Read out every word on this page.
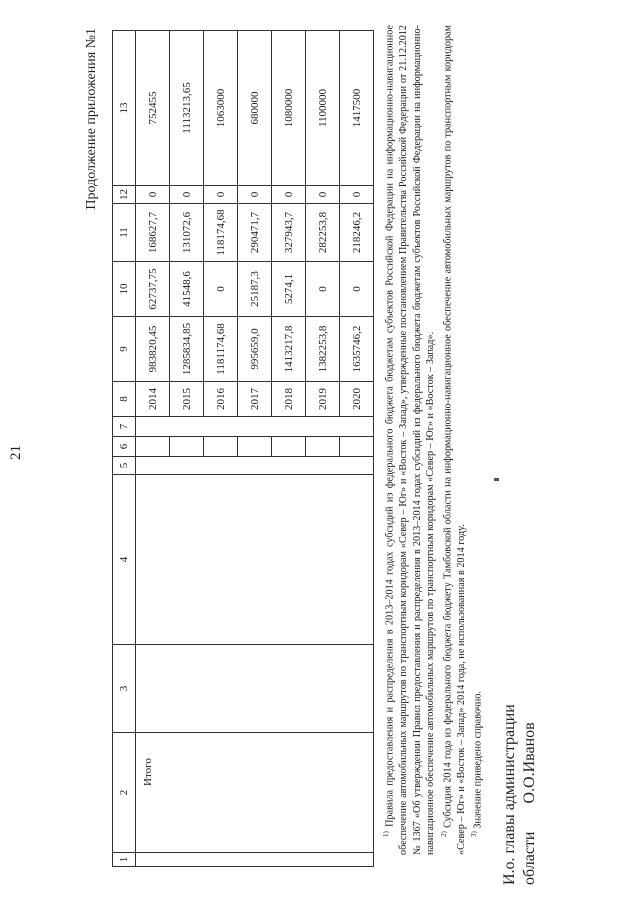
21
Продолжение приложения №1
1	2	3	4	5	6	7	8	9	10	11	12	13
	Итого						2014	983820,45	62737,75	168627,7	0	752455
							2015	1285834,85	41548,6	131072,6	0	1113213,65
							2016	1181174,68	0	118174,68	0	1063000
							2017	995659,0	25187,3	290471,7	0	680000
							2018	1413217,8	5274,1	327943,7	0	1080000
							2019	1382253,8	0	282253,8	0	1100000
							2020	1635746,2	0	218246,2	0	1417500

$^{1)}$ Правила предоставления и распределения в 2013–2014 годах субсидий из федерального бюджета бюджетам субъектов Российской Федерации на информационно-навигационное обеспечение автомобильных маршрутов по транспортным коридорам «Север – Юг» и «Восток – Запад», утвержденные постановлением Правительства Российской Федерации от 21.12.2012 № 1367 «Об утверждении Правил предоставления и распределения в 2013–2014 годах субсидий из федерального бюджета бюджетам субъектов Российской Федерации на информационно-навигационное обеспечение автомобильных маршрутов по транспортным коридорам «Север – Юг» и «Восток – Запад». $^{2)}$ Субсидия 2014 года из федерального бюджета бюджету Тамбовской области на информационно-навигационное обеспечение автомобильных маршрутов по транспортным коридорам «Север – Юг» и «Восток – Запад» 2014 года, не использованная в 2014 году. $^{3)}$ Значение приведено справочно. И.о. главы администрации областиО.О.Иванов
